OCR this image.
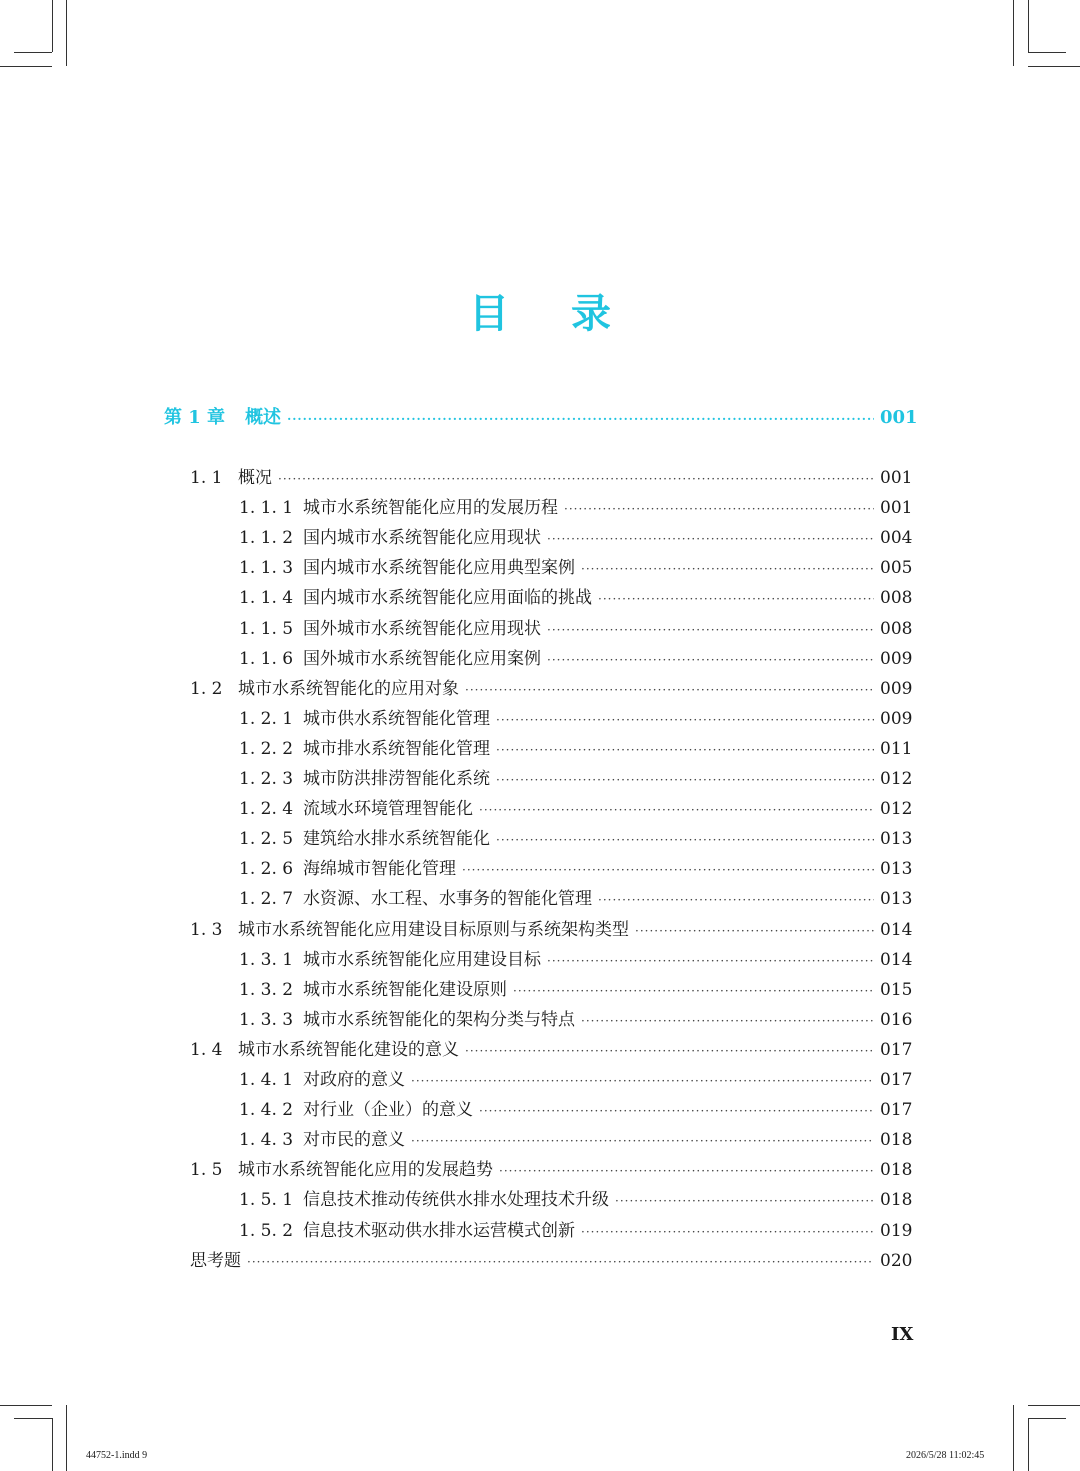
目 录
第 1 章 概述 ·····	001
1. 1 概况 ·····	001
1. 1. 1 城市水系统智能化应用的发展历程 ·····	001
1. 1. 2 国内城市水系统智能化应用现状 ·····	004
1. 1. 3 国内城市水系统智能化应用典型案例 ·····	005
1. 1. 4 国内城市水系统智能化应用面临的挑战 ·····	008
1. 1. 5 国外城市水系统智能化应用现状 ·····	008
1. 1. 6 国外城市水系统智能化应用案例 ·····	009
1. 2 城市水系统智能化的应用对象 ·····	009
1. 2. 1 城市供水系统智能化管理 ·····	009
1. 2. 2 城市排水系统智能化管理 ·····	011
1. 2. 3 城市防洪排涝智能化系统 ·····	012
1. 2. 4 流域水环境管理智能化 ·····	012
1. 2. 5 建筑给水排水系统智能化 ·····	013
1. 2. 6 海绵城市智能化管理 ·····	013
1. 2. 7 水资源、水工程、水事务的智能化管理 ·····	013
1. 3 城市水系统智能化应用建设目标原则与系统架构类型 ·····	014
1. 3. 1 城市水系统智能化应用建设目标 ·····	014
1. 3. 2 城市水系统智能化建设原则 ·····	015
1. 3. 3 城市水系统智能化的架构分类与特点 ·····	016
1. 4 城市水系统智能化建设的意义 ·····	017
1. 4. 1 对政府的意义 ·····	017
1. 4. 2 对行业（企业）的意义 ·····	017
1. 4. 3 对市民的意义 ·····	018
1. 5 城市水系统智能化应用的发展趋势 ·····	018
1. 5. 1 信息技术推动传统供水排水处理技术升级 ·····	018
1. 5. 2 信息技术驱动供水排水运营模式创新 ·····	019
思考题 ·····	020
IX
44752-1.indd 9	2026/5/28 11:02:45
